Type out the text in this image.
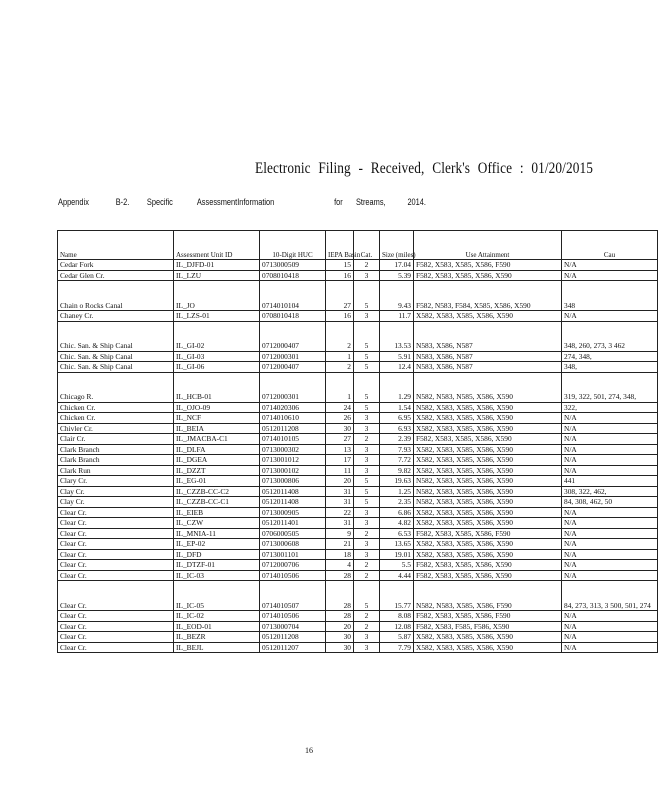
Electronic Filing - Received, Clerk's Office : 01/20/2015
Appendix	B-2. Specific	AssessmentInformation	for Streams, 2014.
Name	Assessment Unit ID	10-Digit HUC	IEPA Basin	Cat.	Size (miles)	Use Attainment	Cau
Cedar Fork	IL_DJFD-01	0713000509	15	2	17.04	F582, X583, X585, X586, F590	N/A
Cedar Glen Cr.	IL_LZU	0708010418	16	3	5.39	F582, X583, X585, X586, X590	N/A
Chain o Rocks Canal	IL_JO	0714010104	27	5	9.43	F582, N583, F584, X585, X586, X590	348
Chaney Cr.	IL_LZS-01	0708010418	16	3	11.7	X582, X583, X585, X586, X590	N/A
Chic. San. & Ship Canal	IL_GI-02	0712000407	2	5	13.53	N583, X586, N587	348, 260, 273, 3 462
Chic. San. & Ship Canal	IL_GI-03	0712000301	1	5	5.91	N583, X586, N587	274, 348,
Chic. San. & Ship Canal	IL_GI-06	0712000407	2	5	12.4	N583, X586, N587	348,
Chicago R.	IL_HCB-01	0712000301	1	5	1.29	N582, N583, N585, X586, X590	319, 322, 501, 274, 348,
Chicken Cr.	IL_OJO-09	0714020306	24	5	1.54	N582, X583, X585, X586, X590	322,
Chicken Cr.	IL_NCF	0714010610	26	3	6.95	X582, X583, X585, X586, X590	N/A
Chivler Cr.	IL_BEIA	0512011208	30	3	6.93	X582, X583, X585, X586, X590	N/A
Clair Cr.	IL_JMACBA-C1	0714010105	27	2	2.39	F582, X583, X585, X586, X590	N/A
Clark Branch	IL_DLFA	0713000302	13	3	7.93	X582, X583, X585, X586, X590	N/A
Clark Branch	IL_DGEA	0713001012	17	3	7.72	X582, X583, X585, X586, X590	N/A
Clark Run	IL_DZZT	0713000102	11	3	9.82	X582, X583, X585, X586, X590	N/A
Clary Cr.	IL_EG-01	0713000806	20	5	19.63	N582, X583, X585, X586, X590	441
Clay Cr.	IL_CZZB-CC-C2	0512011408	31	5	1.25	N582, X583, X585, X586, X590	308, 322, 462,
Clay Cr.	IL_CZZB-CC-C1	0512011408	31	5	2.35	N582, X583, X585, X586, X590	84, 308, 462, 50
Clear Cr.	IL_EIEB	0713000905	22	3	6.86	X582, X583, X585, X586, X590	N/A
Clear Cr.	IL_CZW	0512011401	31	3	4.82	X582, X583, X585, X586, X590	N/A
Clear Cr.	IL_MNIA-11	0706000505	9	2	6.53	F582, X583, X585, X586, F590	N/A
Clear Cr.	IL_EP-02	0713000608	21	3	13.65	X582, X583, X585, X586, X590	N/A
Clear Cr.	IL_DFD	0713001101	18	3	19.01	X582, X583, X585, X586, X590	N/A
Clear Cr.	IL_DTZF-01	0712000706	4	2	5.5	F582, X583, X585, X586, X590	N/A
Clear Cr.	IL_IC-03	0714010506	28	2	4.44	F582, X583, X585, X586, X590	N/A
Clear Cr.	IL_IC-05	0714010507	28	5	15.77	N582, N583, X585, X586, F590	84, 273, 313, 3 500, 501, 274
Clear Cr.	IL_IC-02	0714010506	28	2	8.08	F582, X583, X585, X586, F590	N/A
Clear Cr.	IL_EOD-01	0713000704	20	2	12.08	F582, X583, F585, F586, X590	N/A
Clear Cr.	IL_BEZR	0512011208	30	3	5.87	X582, X583, X585, X586, X590	N/A
Clear Cr.	IL_BEJL	0512011207	30	3	7.79	X582, X583, X585, X586, X590	N/A
16
